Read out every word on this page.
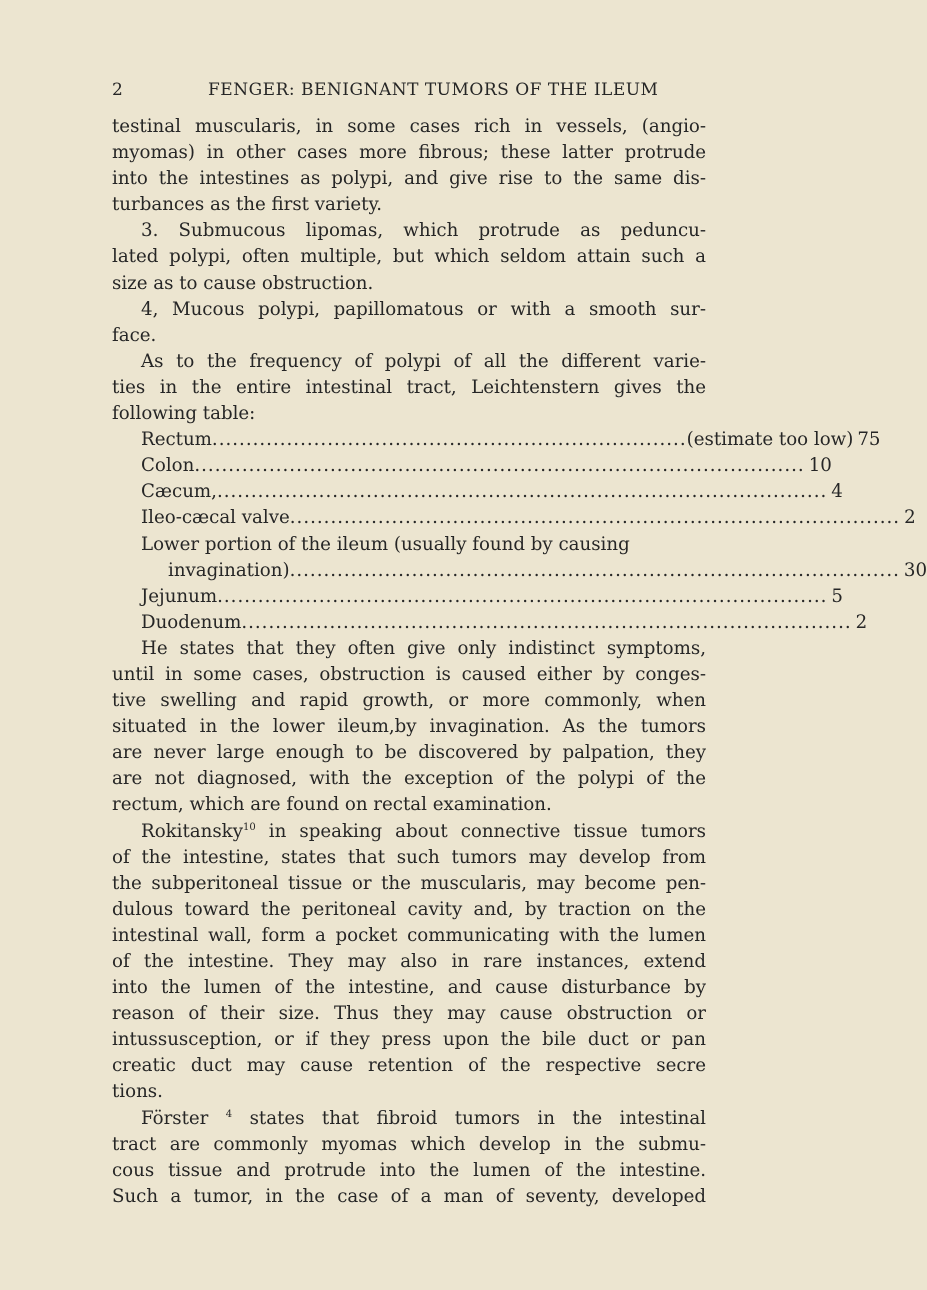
2	FENGER: BENIGNANT TUMORS OF THE ILEUM

testinal muscularis, in some cases rich in vessels, (angio-
myomas) in other cases more fibrous; these latter protrude
into the intestines as polypi, and give rise to the same dis-
turbances as the first variety.

3. Submucous lipomas, which protrude as peduncu-
lated polypi, often multiple, but which seldom attain such a
size as to cause obstruction.

4, Mucous polypi, papillomatous or with a smooth sur-
face.

As to the frequency of polypi of all the different varie-
ties in the entire intestinal tract, Leichtenstern gives the
following table:

Rectum ...................................................................... (estimate too low) 75
Colon .......................................................................................... 10
Cæcum, .......................................................................................... 4
Ileo-cæcal valve .......................................................................................... 2
Lower portion of the ileum (usually found by causing
invagination) .......................................................................................... 30
Jejunum .......................................................................................... 5
Duodenum .......................................................................................... 2

He states that they often give only indistinct symptoms,
until in some cases, obstruction is caused either by conges-
tive swelling and rapid growth, or more commonly, when
situated in the lower ileum,by invagination. As the tumors
are never large enough to be discovered by palpation, they
are not diagnosed, with the exception of the polypi of the
rectum, which are found on rectal examination.

Rokitansky$^{10}$ in speaking about connective tissue tumors
of the intestine, states that such tumors may develop from
the subperitoneal tissue or the muscularis, may become pen-
dulous toward the peritoneal cavity and, by traction on the
intestinal wall, form a pocket communicating with the lumen
of the intestine. They may also in rare instances, extend
into the lumen of the intestine, and cause disturbance by
reason of their size. Thus they may cause obstruction or
intussusception, or if they press upon the bile duct or pan
creatic duct may cause retention of the respective secre
tions.

Förster $^4$ states that fibroid tumors in the intestinal
tract are commonly myomas which develop in the submu-
cous tissue and protrude into the lumen of the intestine.
Such a tumor, in the case of a man of seventy, developed
